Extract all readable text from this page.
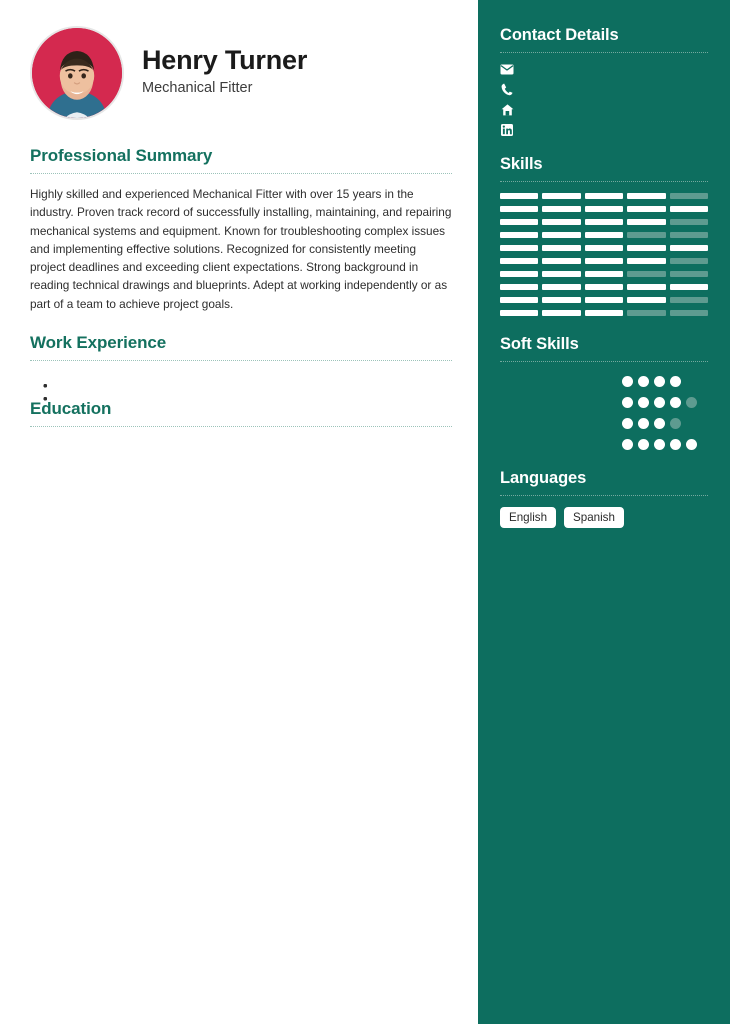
Henry Turner
Mechanical Fitter
Professional Summary
Highly skilled and experienced Mechanical Fitter with over 15 years in the industry. Proven track record of successfully installing, maintaining, and repairing mechanical systems and equipment. Known for troubleshooting complex issues and implementing effective solutions. Recognized for consistently meeting project deadlines and exceeding client expectations. Strong background in reading technical drawings and blueprints. Adept at working independently or as part of a team to achieve project goals.
Work Experience
Education
Contact Details
Skills
Soft Skills
Languages
English	Spanish
